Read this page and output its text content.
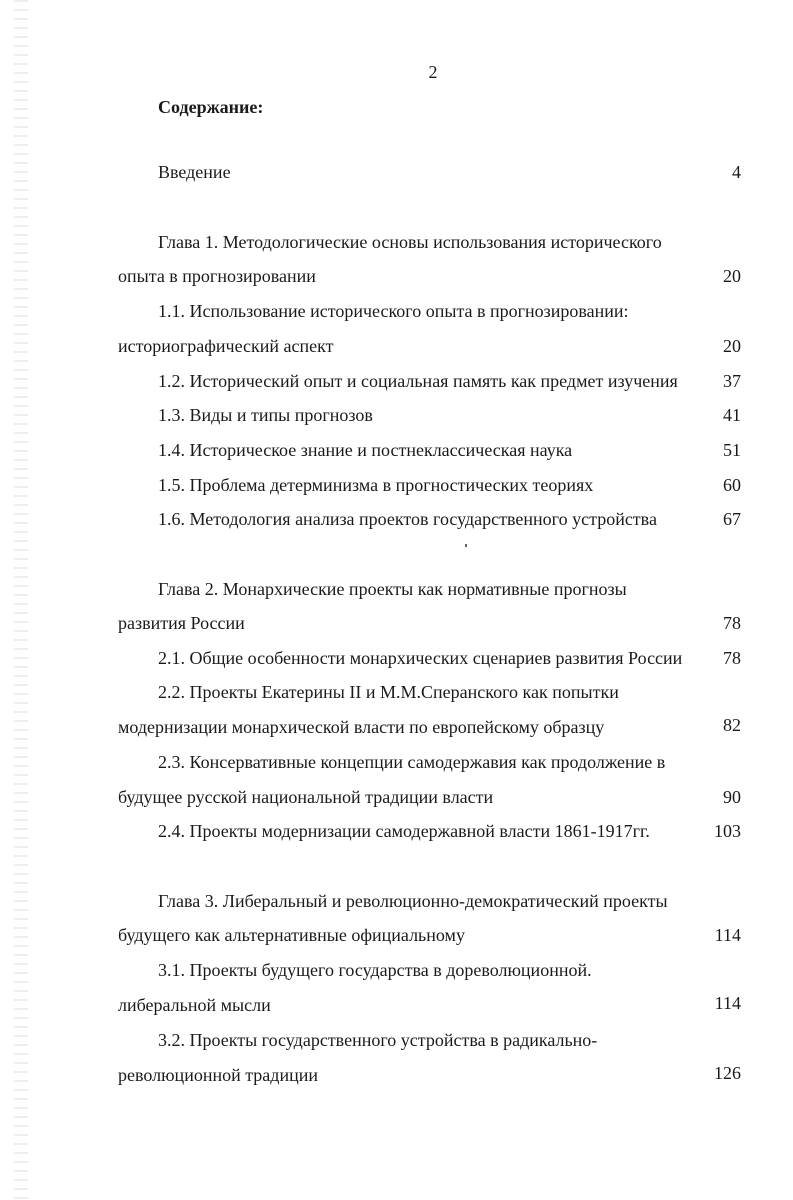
2
Содержание:
Введение	4
Глава 1. Методологические основы использования исторического
опыта в прогнозировании	20
1.1. Использование исторического опыта в прогнозировании:
историографический аспект	20
1.2. Исторический опыт и социальная память как предмет изучения	37
1.3. Виды и типы прогнозов	41
1.4. Историческое знание и постнеклассическая наука	51
1.5. Проблема детерминизма в прогностических теориях	60
1.6. Методология анализа проектов государственного устройства	67
Глава 2. Монархические проекты как нормативные прогнозы
развития России	78
2.1. Общие особенности монархических сценариев развития России 78
2.2. Проекты Екатерины II и М.М.Сперанского как попытки
модернизации монархической власти по европейскому образцу	82
2.3. Консервативные концепции самодержавия как продолжение в
будущее русской национальной традиции власти	90
2.4. Проекты модернизации самодержавной власти 1861-1917гг.	103
Глава 3. Либеральный и революционно-демократический проекты
будущего как альтернативные официальному	114
3.1. Проекты будущего государства в дореволюционной.
либеральной мысли	114
3.2. Проекты государственного устройства в радикально-
революционной традиции	126
